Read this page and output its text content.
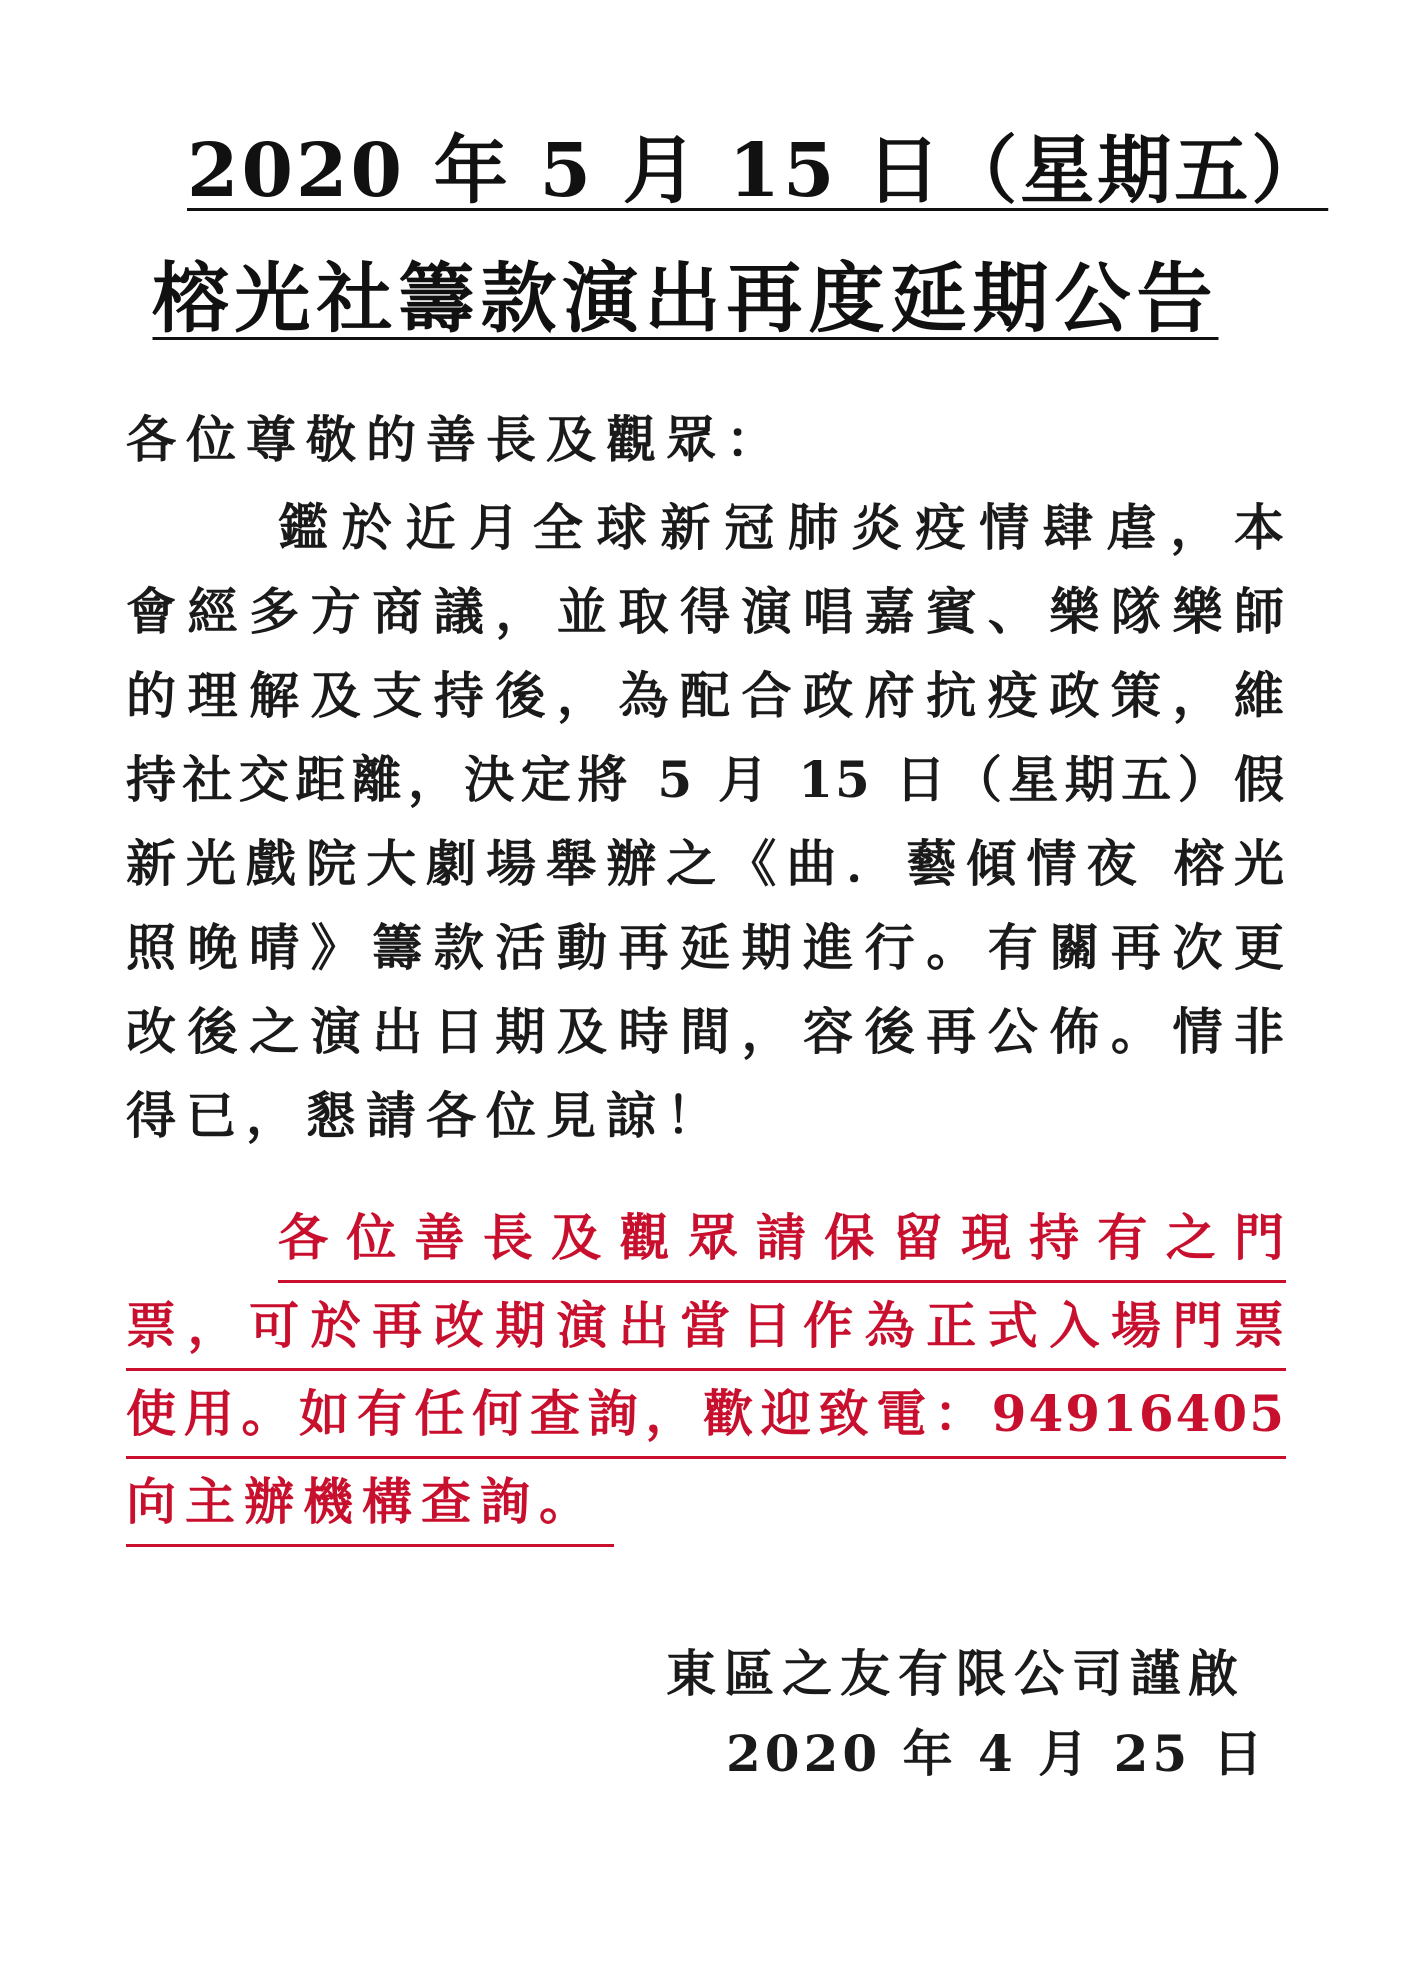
2020 年 5 月 15 日（星期五）
榕光社籌款演出再度延期公告
各位尊敬的善長及觀眾：
鑑於近月全球新冠肺炎疫情肆虐，本
會經多方商議，並取得演唱嘉賓、樂隊樂師
的理解及支持後，為配合政府抗疫政策，維
持社交距離，決定將 5 月 15 日（星期五）假
新光戲院大劇場舉辦之《曲．藝傾情夜 榕光
照晚晴》籌款活動再延期進行。有關再次更
改後之演出日期及時間，容後再公佈。情非
得已，懇請各位見諒！
各位善長及觀眾請保留現持有之門
票，可於再改期演出當日作為正式入場門票
使用。如有任何查詢，歡迎致電：94916405
向主辦機構查詢。
東區之友有限公司謹啟
2020 年 4 月 25 日
